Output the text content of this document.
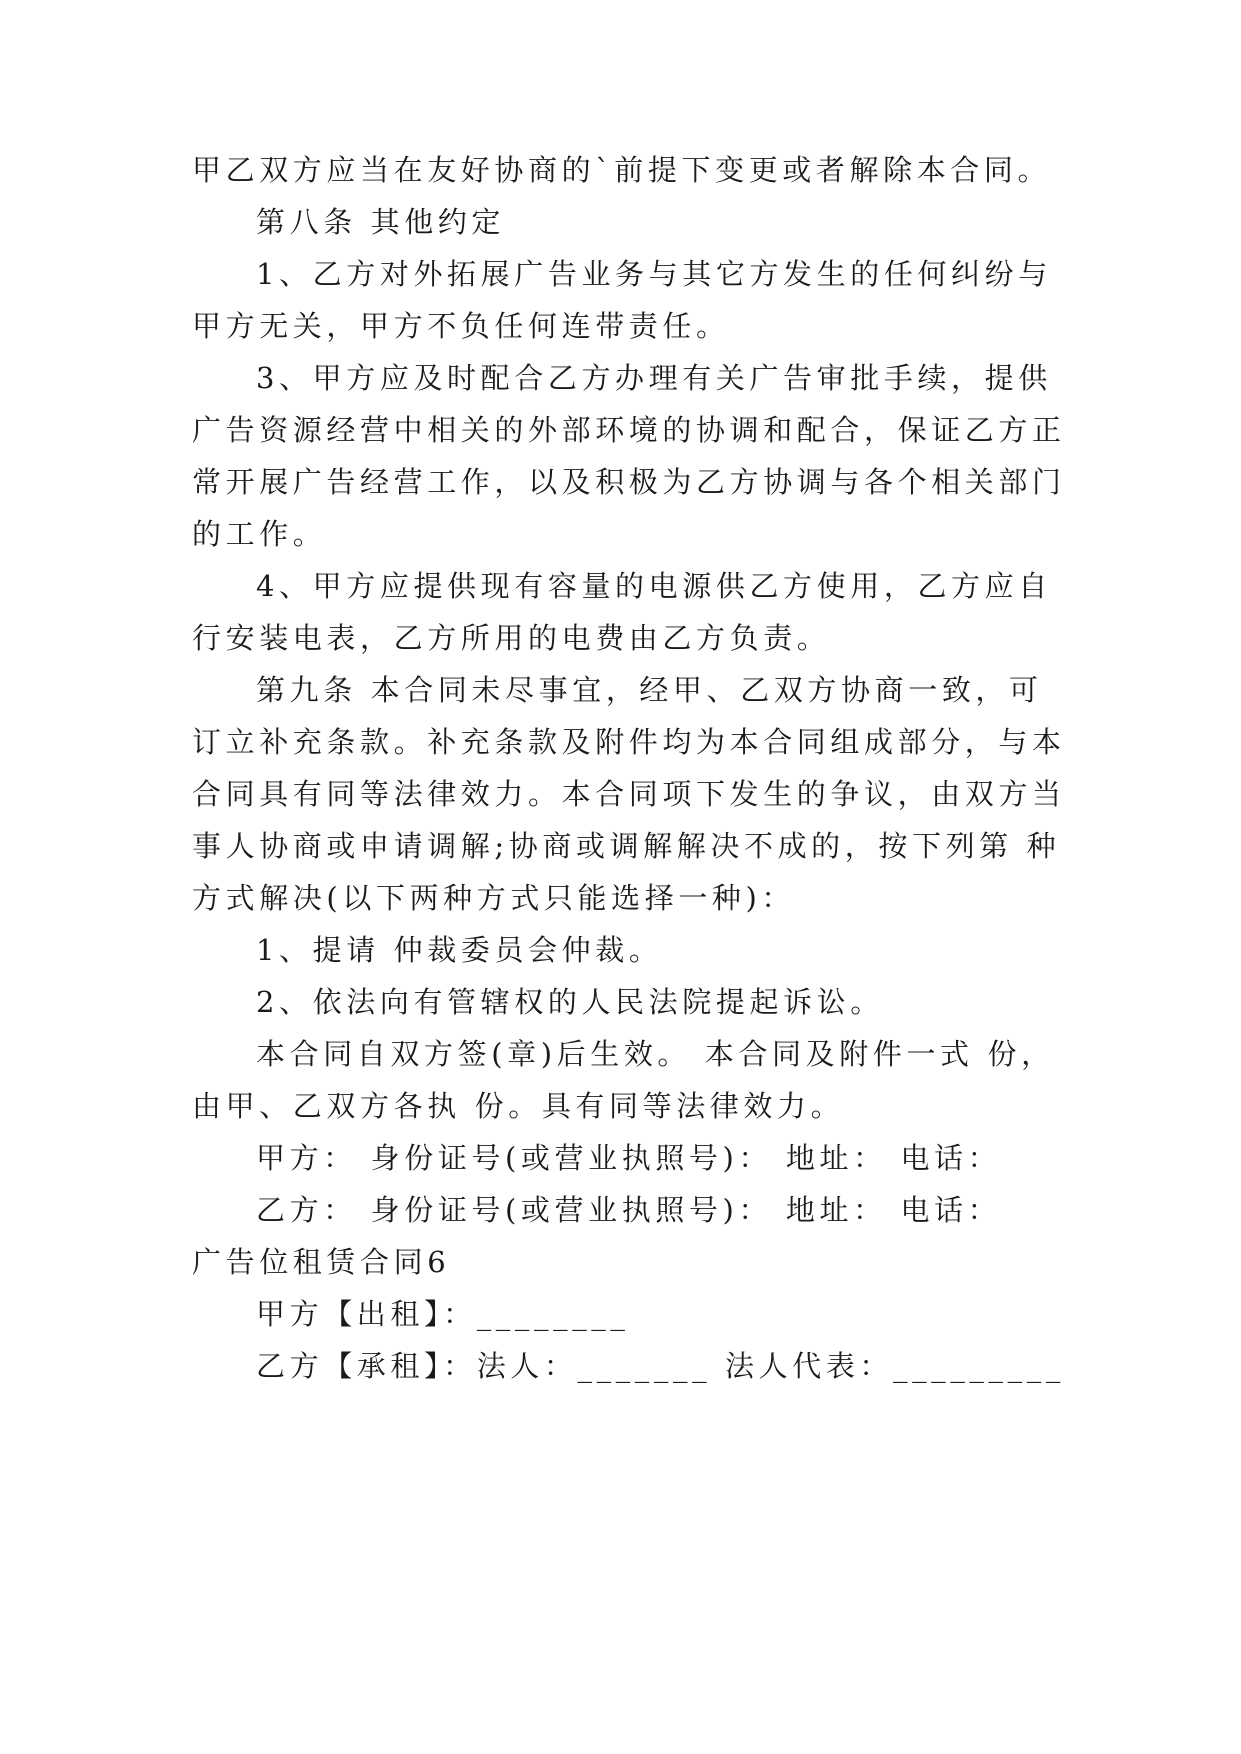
甲乙双方应当在友好协商的`前提下变更或者解除本合同。
第八条 其他约定
1、乙方对外拓展广告业务与其它方发生的任何纠纷与
甲方无关，甲方不负任何连带责任。
3、甲方应及时配合乙方办理有关广告审批手续，提供
广告资源经营中相关的外部环境的协调和配合，保证乙方正
常开展广告经营工作，以及积极为乙方协调与各个相关部门
的工作。
4、甲方应提供现有容量的电源供乙方使用，乙方应自
行安装电表，乙方所用的电费由乙方负责。
第九条 本合同未尽事宜，经甲、乙双方协商一致，可
订立补充条款。补充条款及附件均为本合同组成部分，与本
合同具有同等法律效力。本合同项下发生的争议，由双方当
事人协商或申请调解;协商或调解解决不成的，按下列第 种
方式解决(以下两种方式只能选择一种)：
1、提请 仲裁委员会仲裁。
2、依法向有管辖权的人民法院提起诉讼。
本合同自双方签(章)后生效。 本合同及附件一式 份，
由甲、乙双方各执 份。具有同等法律效力。
甲方： 身份证号(或营业执照号)： 地址： 电话：
乙方： 身份证号(或营业执照号)： 地址： 电话：
广告位租赁合同6
甲方【出租】：________
乙方【承租】：法人：_______ 法人代表：_________
